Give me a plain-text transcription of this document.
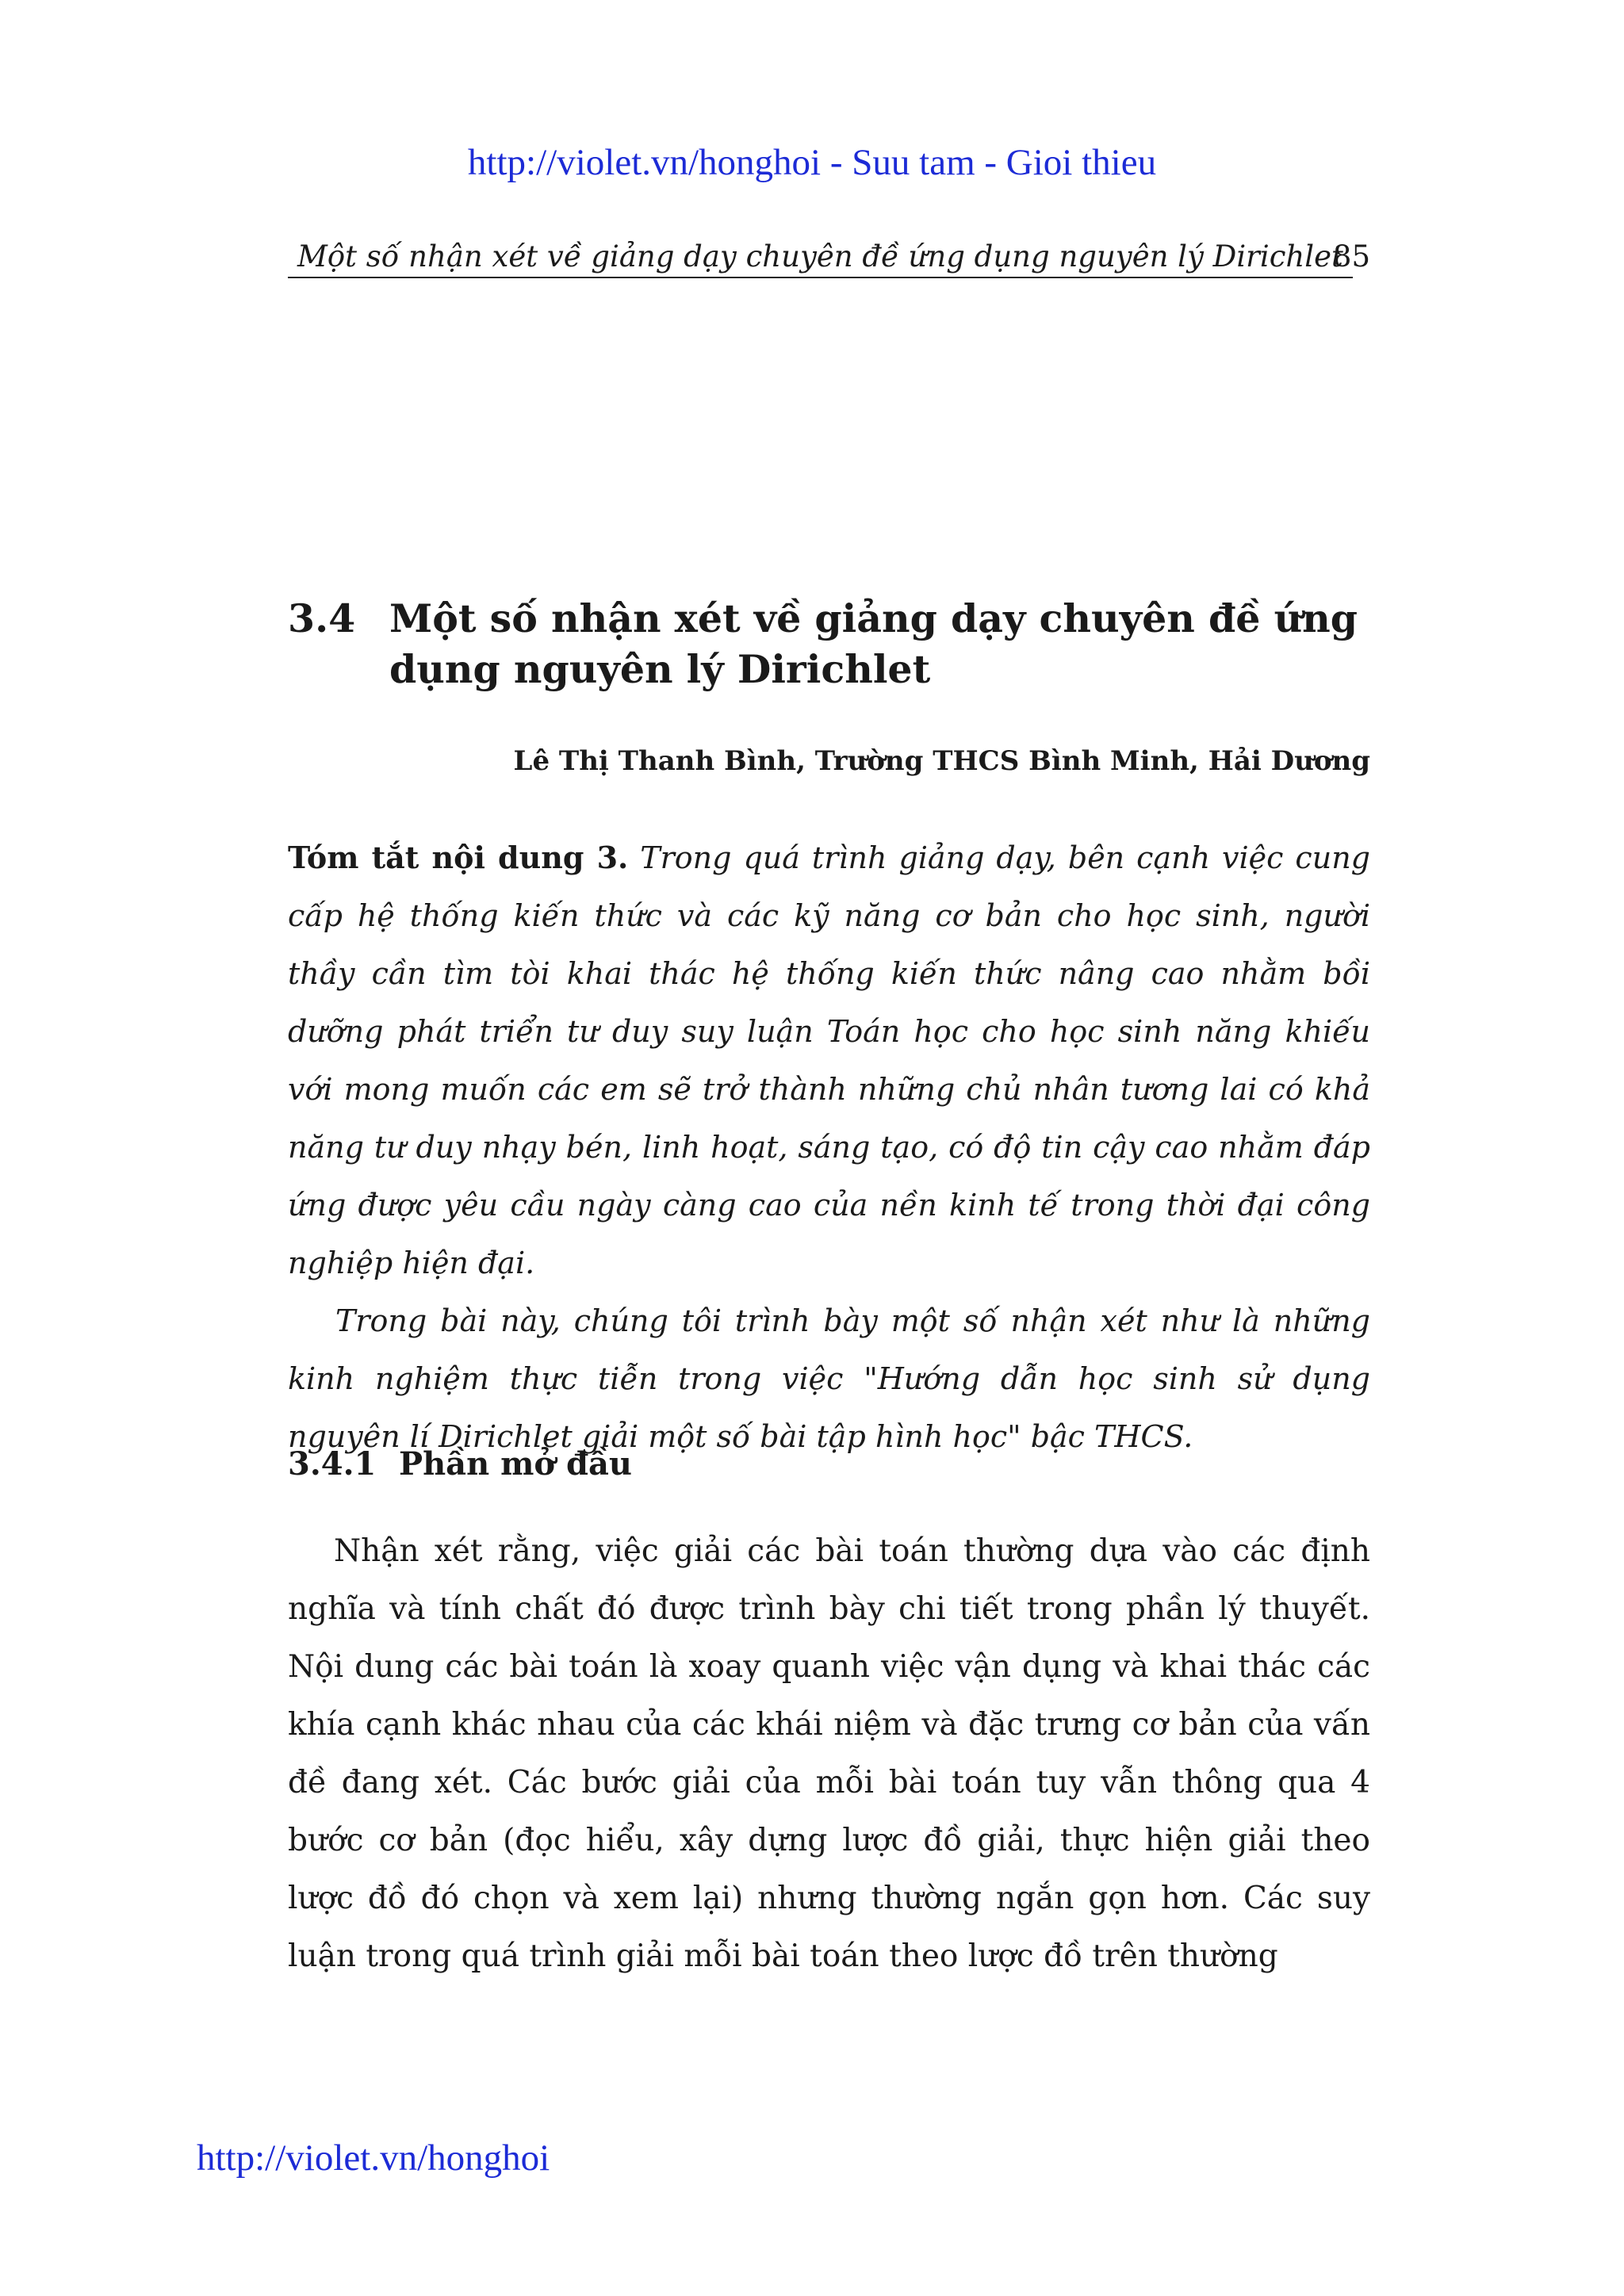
http://violet.vn/honghoi - Suu tam - Gioi thieu
Một số nhận xét về giảng dạy chuyên đề ứng dụng nguyên lý Dirichlet
85
3.4 Một số nhận xét về giảng dạy chuyên đề ứng dụng nguyên lý Dirichlet
Lê Thị Thanh Bình, Trường THCS Bình Minh, Hải Dương

Tóm tắt nội dung 3. Trong quá trình giảng dạy, bên cạnh việc cung cấp hệ thống kiến thức và các kỹ năng cơ bản cho học sinh, người thầy cần tìm tòi khai thác hệ thống kiến thức nâng cao nhằm bồi dưỡng phát triển tư duy suy luận Toán học cho học sinh năng khiếu với mong muốn các em sẽ trở thành những chủ nhân tương lai có khả năng tư duy nhạy bén, linh hoạt, sáng tạo, có độ tin cậy cao nhằm đáp ứng được yêu cầu ngày càng cao của nền kinh tế trong thời đại công nghiệp hiện đại.

Trong bài này, chúng tôi trình bày một số nhận xét như là những kinh nghiệm thực tiễn trong việc "Hướng dẫn học sinh sử dụng nguyên lí Dirichlet giải một số bài tập hình học" bậc THCS.

3.4.1 Phần mở đầu

Nhận xét rằng, việc giải các bài toán thường dựa vào các định nghĩa và tính chất đó được trình bày chi tiết trong phần lý thuyết. Nội dung các bài toán là xoay quanh việc vận dụng và khai thác các khía cạnh khác nhau của các khái niệm và đặc trưng cơ bản của vấn đề đang xét. Các bước giải của mỗi bài toán tuy vẫn thông qua 4 bước cơ bản (đọc hiểu, xây dựng lược đồ giải, thực hiện giải theo lược đồ đó chọn và xem lại) nhưng thường ngắn gọn hơn. Các suy luận trong quá trình giải mỗi bài toán theo lược đồ trên thường

http://violet.vn/honghoi
